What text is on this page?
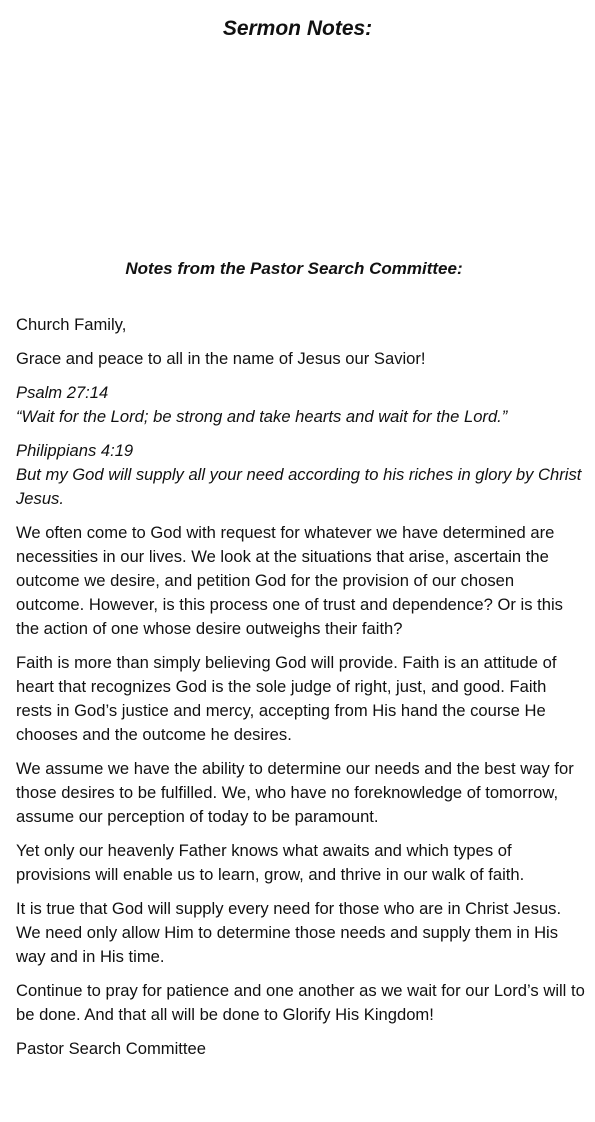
Sermon Notes:
Notes from the Pastor Search Committee:

Church Family,

Grace and peace to all in the name of Jesus our Savior!

Psalm 27:14
“Wait for the Lord; be strong and take hearts and wait for the Lord.”
Philippians 4:19
But my God will supply all your need according to his riches in glory by Christ Jesus.

We often come to God with request for whatever we have determined are necessities in our lives. We look at the situations that arise, ascertain the outcome we desire, and petition God for the provision of our chosen outcome. However, is this process one of trust and dependence? Or is this the action of one whose desire outweighs their faith?

Faith is more than simply believing God will provide. Faith is an attitude of heart that recognizes God is the sole judge of right, just, and good. Faith rests in God’s justice and mercy, accepting from His hand the course He chooses and the outcome he desires.

We assume we have the ability to determine our needs and the best way for those desires to be fulfilled. We, who have no foreknowledge of tomorrow, assume our perception of today to be paramount.

Yet only our heavenly Father knows what awaits and which types of provisions will enable us to learn, grow, and thrive in our walk of faith.

It is true that God will supply every need for those who are in Christ Jesus. We need only allow Him to determine those needs and supply them in His way and in His time.

Continue to pray for patience and one another as we wait for our Lord’s will to be done. And that all will be done to Glorify His Kingdom!

Pastor Search Committee
